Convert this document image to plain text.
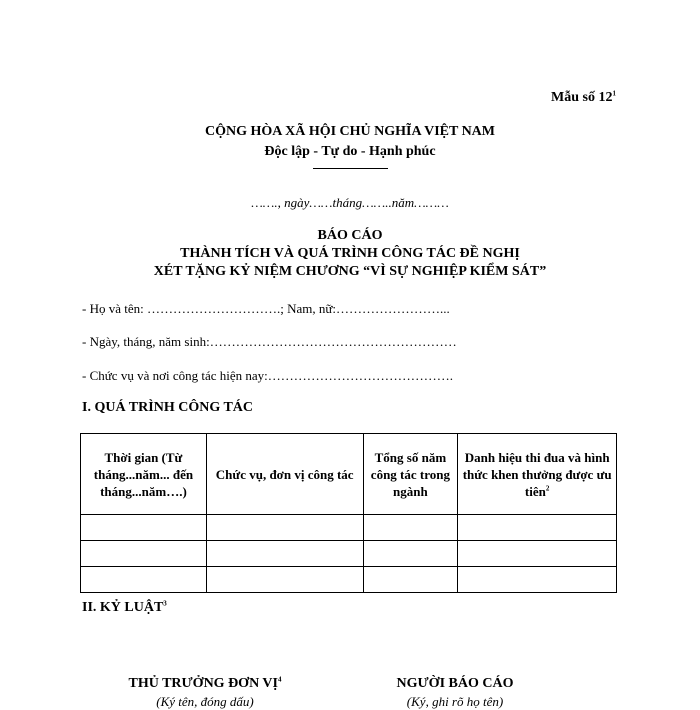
Mẫu số $12^1$
CỘNG HÒA XÃ HỘI CHỦ NGHĨA VIỆT NAM
Độc lập - Tự do - Hạnh phúc
……., ngày……tháng……..năm………
BÁO CÁO
THÀNH TÍCH VÀ QUÁ TRÌNH CÔNG TÁC ĐỀ NGHỊ
XÉT TẶNG KỶ NIỆM CHƯƠNG “VÌ SỰ NGHIỆP KIỂM SÁT”
- Họ và tên: ………………………….; Nam, nữ:……………………...
- Ngày, tháng, năm sinh:…………………………………………………
- Chức vụ và nơi công tác hiện nay:…………………………………….
I. QUÁ TRÌNH CÔNG TÁC
Thời gian (Từ tháng...năm... đến tháng...năm….)	Chức vụ, đơn vị công tác	Tổng số năm công tác trong ngành	Danh hiệu thi đua và hình thức khen thưởng được ưu tiên$^2$

II. KỶ LUẬT$^3$
THỦ TRƯỞNG ĐƠN VỊ$^4$
(Ký tên, đóng dấu)
NGƯỜI BÁO CÁO
(Ký, ghi rõ họ tên)
